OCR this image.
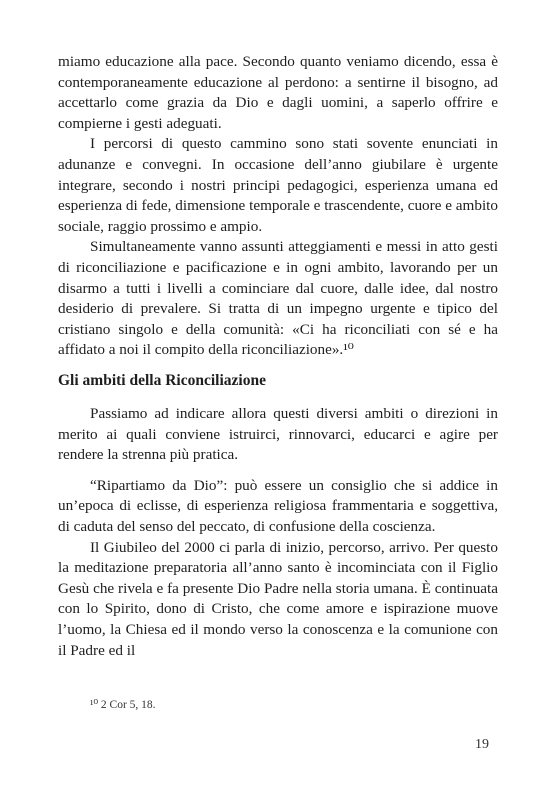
miamo educazione alla pace. Secondo quanto veniamo dicendo, essa è contemporaneamente educazione al perdono: a sentirne il bisogno, ad accettarlo come grazia da Dio e dagli uomini, a saperlo offrire e compierne i gesti adeguati.

I percorsi di questo cammino sono stati sovente enunciati in adunanze e convegni. In occasione dell’anno giubilare è urgente integrare, secondo i nostri principi pedagogici, esperienza umana ed esperienza di fede, dimensione temporale e trascendente, cuore e ambito sociale, raggio prossimo e ampio.

Simultaneamente vanno assunti atteggiamenti e messi in atto gesti di riconciliazione e pacificazione e in ogni ambito, lavorando per un disarmo a tutti i livelli a cominciare dal cuore, dalle idee, dal nostro desiderio di prevalere. Si tratta di un impegno urgente e tipico del cristiano singolo e della comunità: «Ci ha riconciliati con sé e ha affidato a noi il compito della riconciliazione».¹⁰

Gli ambiti della Riconciliazione

Passiamo ad indicare allora questi diversi ambiti o direzioni in merito ai quali conviene istruirci, rinnovarci, educarci e agire per rendere la strenna più pratica.

“Ripartiamo da Dio”: può essere un consiglio che si addice in un’epoca di eclisse, di esperienza religiosa frammentaria e soggettiva, di caduta del senso del peccato, di confusione della coscienza.

Il Giubileo del 2000 ci parla di inizio, percorso, arrivo. Per questo la meditazione preparatoria all’anno santo è incominciata con il Figlio Gesù che rivela e fa presente Dio Padre nella storia umana. È continuata con lo Spirito, dono di Cristo, che come amore e ispirazione muove l’uomo, la Chiesa ed il mondo verso la conoscenza e la comunione con il Padre ed il

¹⁰ 2 Cor 5, 18.
19
